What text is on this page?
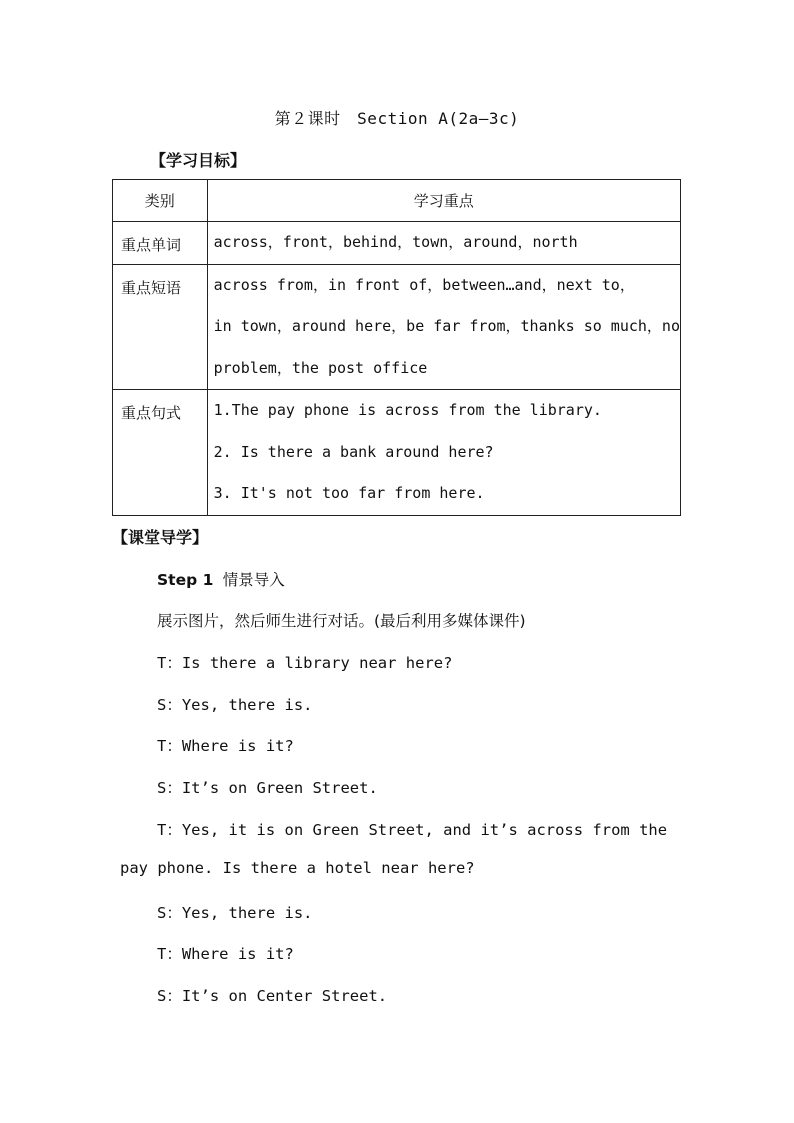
第２课时　Section A(2a—3c)
【学习目标】
类别	学习重点
重点单词	across，front，behind，town，around，north

重点短语	across from，in front of，between…and，next to，
in town，around here，be far from，thanks so much，no
problem，the post office

重点句式	1.The pay phone is across from the library.
2. Is there a bank around here?
3. It's not too far from here.
【课堂导学】
Step 1 情景导入
展示图片，然后师生进行对话。(最后利用多媒体课件)
T：Is there a library near here?
S：Yes, there is.
T：Where is it?
S：It’s on Green Street.
T：Yes, it is on Green Street, and it’s across from the
pay phone. Is there a hotel near here?
S：Yes, there is.
T：Where is it?
S：It’s on Center Street.
